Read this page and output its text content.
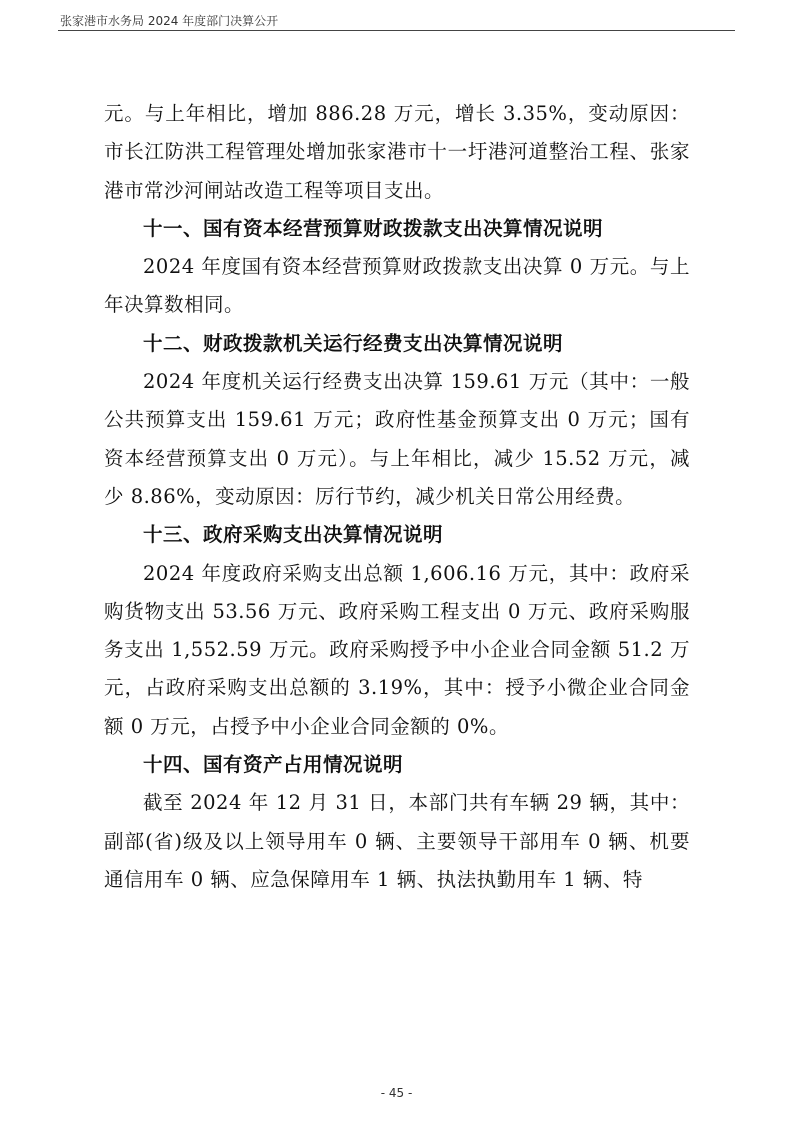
张家港市水务局 2024 年度部门决算公开

元。与上年相比，增加 886.28 万元，增长 3.35%，变动原因：市长江防洪工程管理处增加张家港市十一圩港河道整治工程、张家港市常沙河闸站改造工程等项目支出。

十一、国有资本经营预算财政拨款支出决算情况说明

2024 年度国有资本经营预算财政拨款支出决算 0 万元。与上年决算数相同。

十二、财政拨款机关运行经费支出决算情况说明

2024 年度机关运行经费支出决算 159.61 万元（其中：一般公共预算支出 159.61 万元；政府性基金预算支出 0 万元；国有资本经营预算支出 0 万元）。与上年相比，减少 15.52 万元，减少 8.86%，变动原因：厉行节约，减少机关日常公用经费。

十三、政府采购支出决算情况说明

2024 年度政府采购支出总额 1,606.16 万元，其中：政府采购货物支出 53.56 万元、政府采购工程支出 0 万元、政府采购服务支出 1,552.59 万元。政府采购授予中小企业合同金额 51.2 万元，占政府采购支出总额的 3.19%，其中：授予小微企业合同金额 0 万元，占授予中小企业合同金额的 0%。

十四、国有资产占用情况说明

截至 2024 年 12 月 31 日，本部门共有车辆 29 辆，其中：副部(省)级及以上领导用车 0 辆、主要领导干部用车 0 辆、机要通信用车 0 辆、应急保障用车 1 辆、执法执勤用车 1 辆、特

- 45 -
